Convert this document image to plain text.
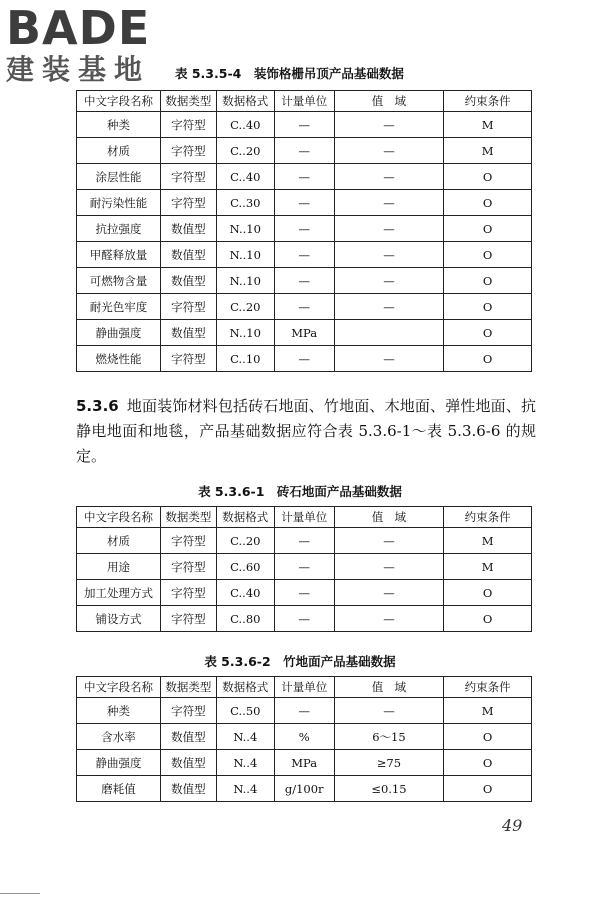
BADE
建装基地 表 5.3.5-4　装饰格栅吊顶产品基础数据
中文字段名称	数据类型	数据格式	计量单位	值　域	约束条件
种类	字符型	C..40	—	—	M
材质	字符型	C..20	—	—	M
涂层性能	字符型	C..40	—	—	O
耐污染性能	字符型	C..30	—	—	O
抗拉强度	数值型	N..10	—	—	O
甲醛释放量	数值型	N..10	—	—	O
可燃物含量	数值型	N..10	—	—	O
耐光色牢度	字符型	C..20	—	—	O
静曲强度	数值型	N..10	MPa		O
燃烧性能	字符型	C..10	—	—	O
5.3.6 地面装饰材料包括砖石地面、竹地面、木地面、弹性地面、抗静电地面和地毯，产品基础数据应符合表 5.3.6-1～表 5.3.6-6 的规定。
表 5.3.6-1　砖石地面产品基础数据
中文字段名称	数据类型	数据格式	计量单位	值　域	约束条件
材质	字符型	C..20	—	—	M
用途	字符型	C..60	—	—	M
加工处理方式	字符型	C..40	—	—	O
铺设方式	字符型	C..80	—	—	O
表 5.3.6-2　竹地面产品基础数据
中文字段名称	数据类型	数据格式	计量单位	值　域	约束条件
种类	字符型	C..50	—	—	M
含水率	数值型	N..4	%	6～15	O
静曲强度	数值型	N..4	MPa	≥75	O
磨耗值	数值型	N..4	g/100r	≤0.15	O
49
